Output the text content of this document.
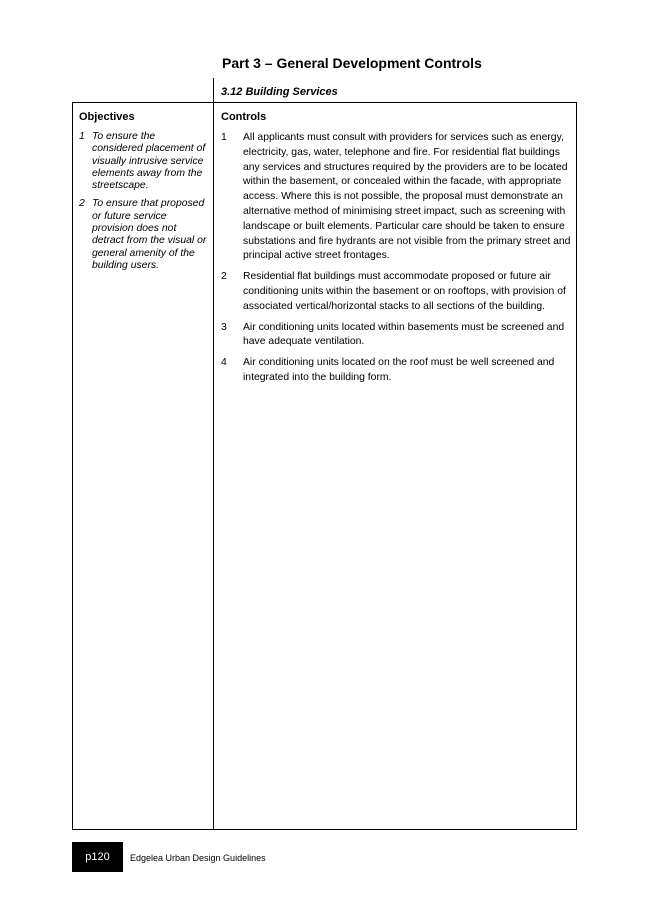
Part 3 – General Development Controls
3.12 Building Services
Objectives
1 To ensure the considered placement of visually intrusive service elements away from the streetscape.
2 To ensure that proposed or future service provision does not detract from the visual or general amenity of the building users.
Controls
1	All applicants must consult with providers for services such as energy, electricity, gas, water, telephone and fire. For residential flat buildings any services and structures required by the providers are to be located within the basement, or concealed within the facade, with appropriate access. Where this is not possible, the proposal must demonstrate an alternative method of minimising street impact, such as screening with landscape or built elements. Particular care should be taken to ensure substations and fire hydrants are not visible from the primary street and principal active street frontages.
2	Residential flat buildings must accommodate proposed or future air conditioning units within the basement or on rooftops, with provision of associated vertical/horizontal stacks to all sections of the building.
3	Air conditioning units located within basements must be screened and have adequate ventilation.
4	Air conditioning units located on the roof must be well screened and integrated into the building form.
p120	Edgelea Urban Design Guidelines
